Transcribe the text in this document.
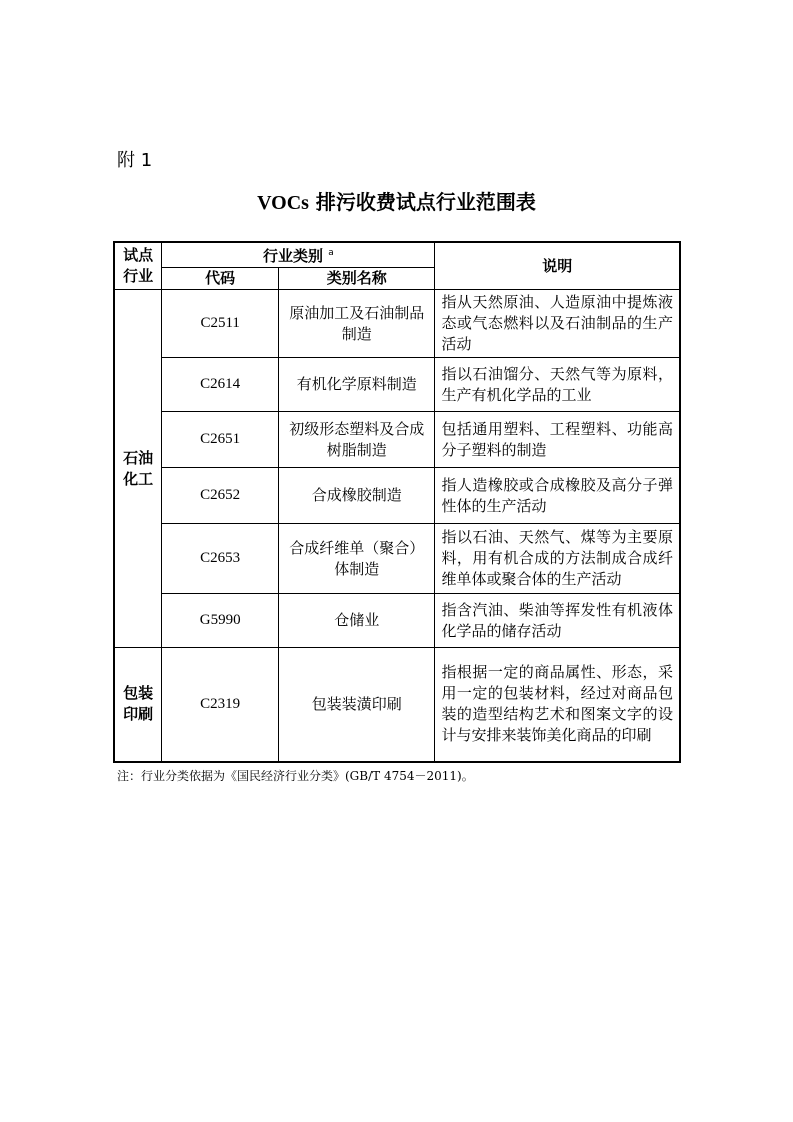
附 1
VOCs 排污收费试点行业范围表
试点
行业	行业类别 $^a$		说明
	代码	类别名称	
石油
化工	C2511	原油加工及石油制品制造	指从天然原油、人造原油中提炼液态或气态燃料以及石油制品的生产活动
	C2614	有机化学原料制造	指以石油馏分、天然气等为原料，生产有机化学品的工业
	C2651	初级形态塑料及合成树脂制造	包括通用塑料、工程塑料、功能高分子塑料的制造
	C2652	合成橡胶制造	指人造橡胶或合成橡胶及高分子弹性体的生产活动
	C2653	合成纤维单（聚合）体制造	指以石油、天然气、煤等为主要原料，用有机合成的方法制成合成纤维单体或聚合体的生产活动
	G5990	仓储业	指含汽油、柴油等挥发性有机液体化学品的储存活动
包装
印刷	C2319	包装装潢印刷	指根据一定的商品属性、形态，采用一定的包装材料，经过对商品包装的造型结构艺术和图案文字的设计与安排来装饰美化商品的印刷
注：行业分类依据为《国民经济行业分类》(GB/T 4754－2011)。
